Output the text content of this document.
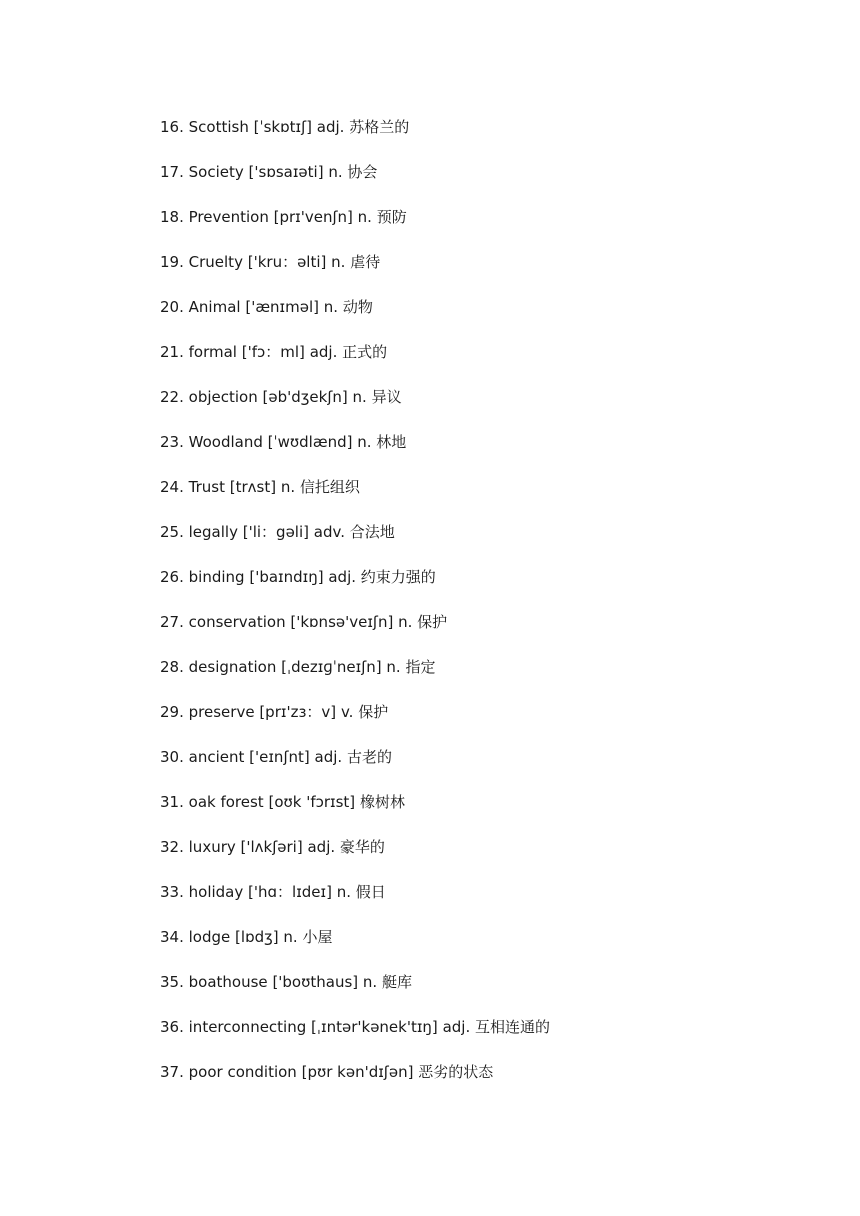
16. Scottish [ˈskɒtɪʃ] adj. 苏格兰的
17. Society ['sɒsaɪəti] n. 协会
18. Prevention [prɪ'venʃn] n. 预防
19. Cruelty ['kru：əlti] n. 虐待
20. Animal ['ænɪməl] n. 动物
21. formal ['fɔ：ml] adj. 正式的
22. objection [əb'dʒekʃn] n. 异议
23. Woodland [ˈwʊdlænd] n. 林地
24. Trust [trʌst] n. 信托组织
25. legally ['li：gəli] adv. 合法地
26. binding ['baɪndɪŋ] adj. 约束力强的
27. conservation ['kɒnsə'veɪʃn] n. 保护
28. designation [ˌdezɪɡˈneɪʃn] n. 指定
29. preserve [prɪ'zɜ：v] v. 保护
30. ancient ['eɪnʃnt] adj. 古老的
31. oak forest [oʊk 'fɔrɪst] 橡树林
32. luxury ['lʌkʃəri] adj. 豪华的
33. holiday ['hɑ：lɪdeɪ] n. 假日
34. lodge [lɒdʒ] n. 小屋
35. boathouse ['boʊthaus] n. 艇库
36. interconnecting [ˌɪntər'kənek'tɪŋ] adj. 互相连通的
37. poor condition [pʊr kən'dɪʃən] 恶劣的状态
